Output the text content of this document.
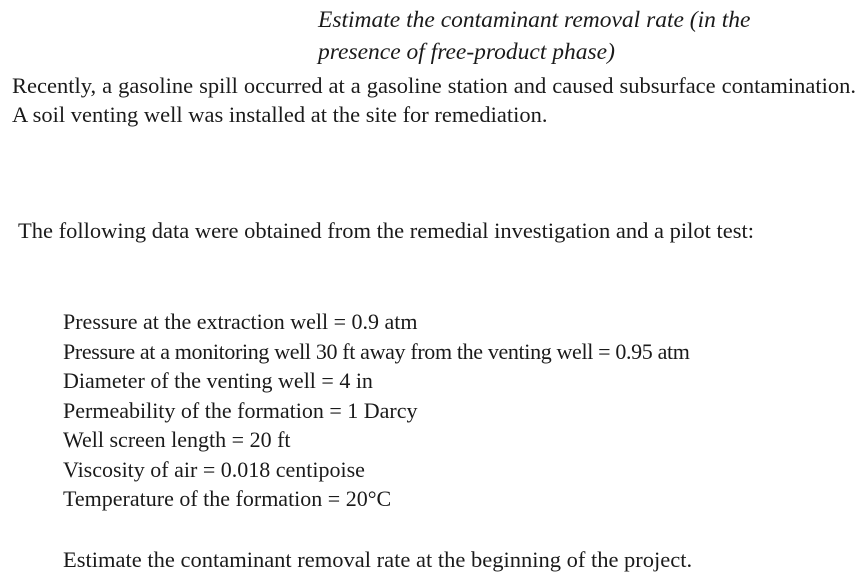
Estimate the contaminant removal rate (in the
presence of free-product phase)

Recently, a gasoline spill occurred at a gasoline station and caused subsurface contamination. A soil venting well was installed at the site for remediation.

The following data were obtained from the remedial investigation and a pilot test:

Pressure at the extraction well = 0.9 atm
Pressure at a monitoring well 30 ft away from the venting well = 0.95 atm
Diameter of the venting well = 4 in
Permeability of the formation = 1 Darcy
Well screen length = 20 ft
Viscosity of air = 0.018 centipoise
Temperature of the formation = 20°C

Estimate the contaminant removal rate at the beginning of the project.
